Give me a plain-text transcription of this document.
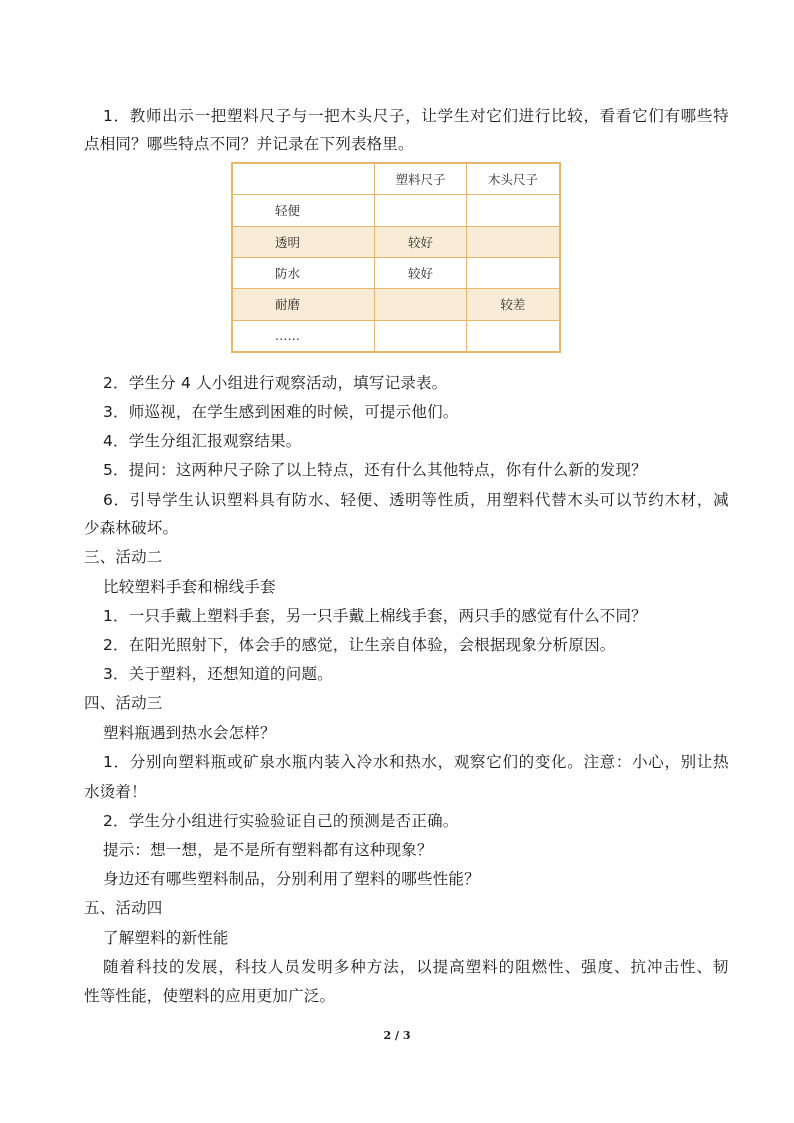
1 ． 教 师 出 示 一 把 塑 料 尺 子 与 一 把 木 头 尺 子 ， 让 学 生 对 它 们 进 行 比 较 ， 看 看 它 们 有 哪 些 特
点相同？哪些特点不同？并记录在下列表格里。
	塑料尺子	木头尺子
轻便		
透明	较好	
防水	较好	
耐磨		较差
……		
2．学生分 4 人小组进行观察活动，填写记录表。
3．师巡视，在学生感到困难的时候，可提示他们。
4．学生分组汇报观察结果。
5．提问：这两种尺子除了以上特点，还有什么其他特点，你有什么新的发现？
6 ． 引 导 学 生 认 识 塑 料 具 有 防 水 、 轻 便 、 透 明 等 性 质 ， 用 塑 料 代 替 木 头 可 以 节 约 木 材 ， 减
少森林破坏。
三、活动二
比较塑料手套和棉线手套
1．一只手戴上塑料手套，另一只手戴上棉线手套，两只手的感觉有什么不同？
2．在阳光照射下，体会手的感觉，让生亲自体验，会根据现象分析原因。
3．关于塑料，还想知道的问题。
四、活动三
塑料瓶遇到热水会怎样？
1 ． 分 别 向 塑 料 瓶 或 矿 泉 水 瓶 内 装 入 冷 水 和 热 水 ， 观 察 它 们 的 变 化 。 注 意 ： 小 心 ， 别 让 热
水烫着！
2．学生分小组进行实验验证自己的预测是否正确。
提示：想一想，是不是所有塑料都有这种现象？
身边还有哪些塑料制品，分别利用了塑料的哪些性能？
五、活动四
了解塑料的新性能
随 着 科 技 的 发 展 ， 科 技 人 员 发 明 多 种 方 法 ， 以 提 高 塑 料 的 阻 燃 性 、 强 度 、 抗 冲 击 性 、 韧
性等性能，使塑料的应用更加广泛。
2 / 3
